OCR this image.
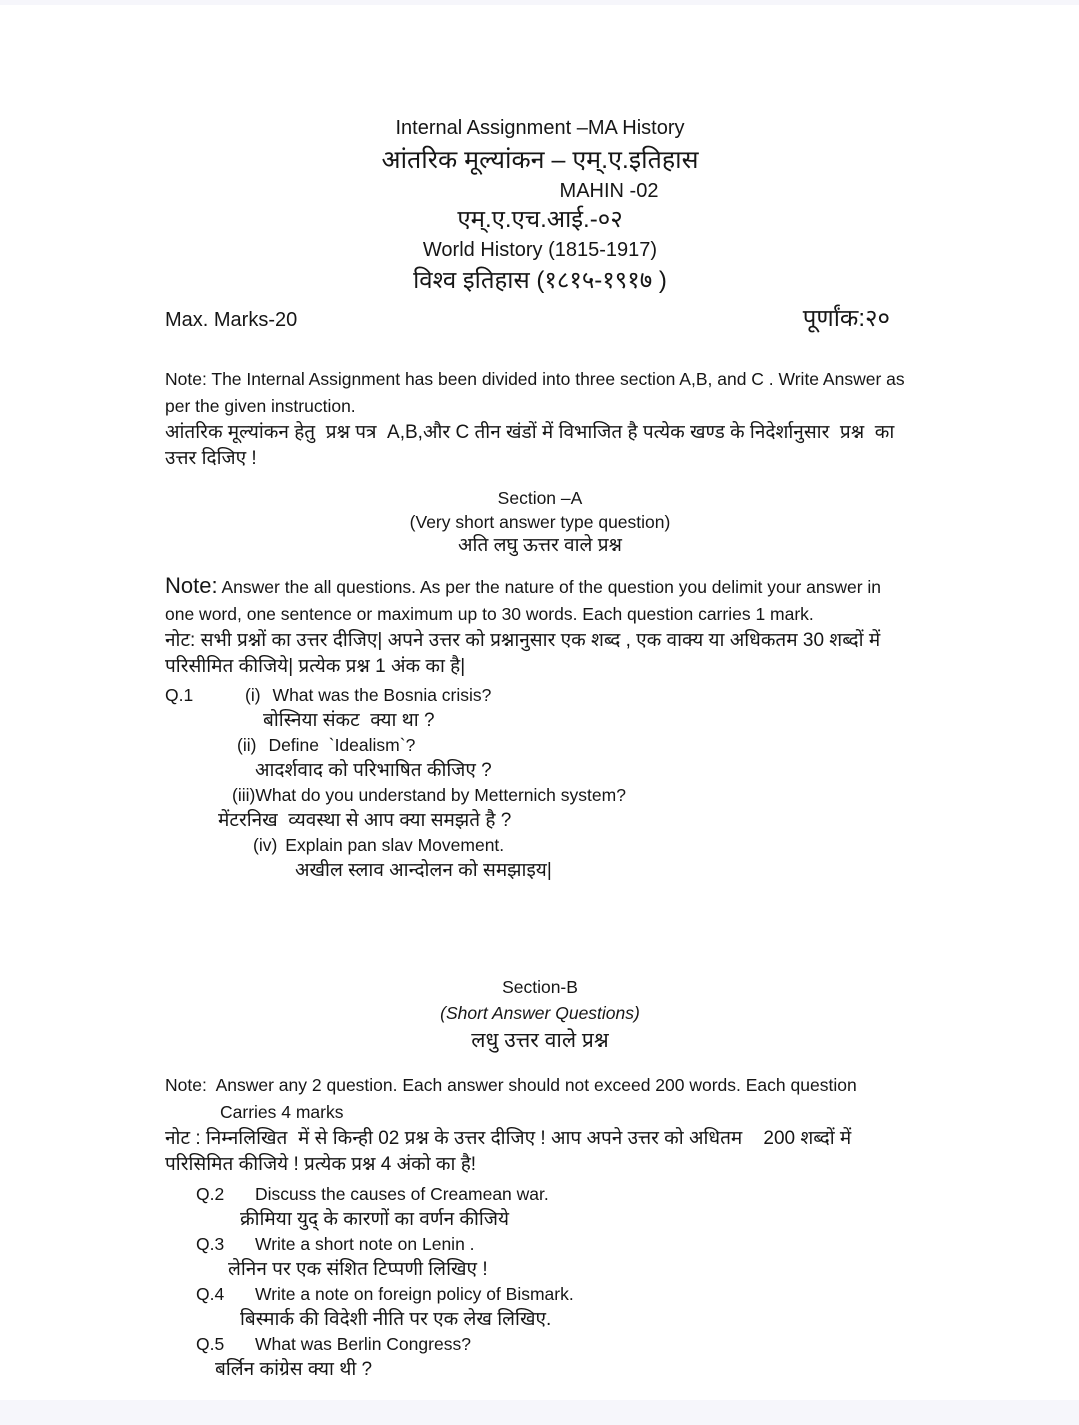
Internal Assignment –MA History
आंतरिक मूल्यांकन – एम्.ए.इतिहास
MAHIN -02
एम्.ए.एच.आई.-०२
World History (1815-1917)
विश्व इतिहास (१८१५-१९१७ )
Max. Marks-20	पूर्णांक:२०
Note: The Internal Assignment has been divided into three section A,B, and C . Write Answer as per the given instruction.
आंतरिक मूल्यांकन हेतु  प्रश्न पत्र  A,B,और C तीन खंडों में विभाजित है पत्येक खण्ड के निदेर्शानुसार  प्रश्न  का उत्तर दिजिए !
Section –A
(Very short answer type question)
अति लघु ऊत्तर वाले प्रश्न
Note: Answer the all questions. As per the nature of the question you delimit your answer in one word, one sentence or maximum up to 30 words. Each question carries 1 mark.
नोट: सभी प्रश्नों का उत्तर दीजिए| अपने उत्तर को प्रश्नानुसार एक शब्द , एक वाक्य या अधिकतम 30 शब्दों में परिसीमित कीजिये| प्रत्येक प्रश्न 1 अंक का है|
Q.1	(i) What was the Bosnia crisis?
बोस्निया संकट  क्या था ?
(ii) Define  `Idealism`?
आदर्शवाद को परिभाषित कीजिए ?
(iii) What do you understand by Metternich system?
मेंटरनिख  व्यवस्था से आप क्या समझते है ?
(iv) Explain pan slav Movement.
अखील स्लाव आन्दोलन को समझाइय|
Section-B
(Short Answer Questions)
लधु उत्तर वाले प्रश्न
Note:  Answer any 2 question. Each answer should not exceed 200 words. Each question
Carries 4 marks
नोट : निम्नलिखित  में से किन्ही 02 प्रश्न के उत्तर दीजिए ! आप अपने उत्तर को अधितम    200 शब्दों में परिसिमित कीजिये ! प्रत्येक प्रश्न 4 अंको का है!
Q.2	Discuss the causes of Creamean war.
क्रीमिया युद् के कारणों का वर्णन कीजिये
Q.3	Write a short note on Lenin .
लेनिन पर एक संशित टिप्पणी लिखिए !
Q.4	Write a note on foreign policy of Bismark.
बिस्मार्क की विदेशी नीति पर एक लेख लिखिए.
Q.5	What was Berlin Congress?
बर्लिन कांग्रेस क्या थी ?
